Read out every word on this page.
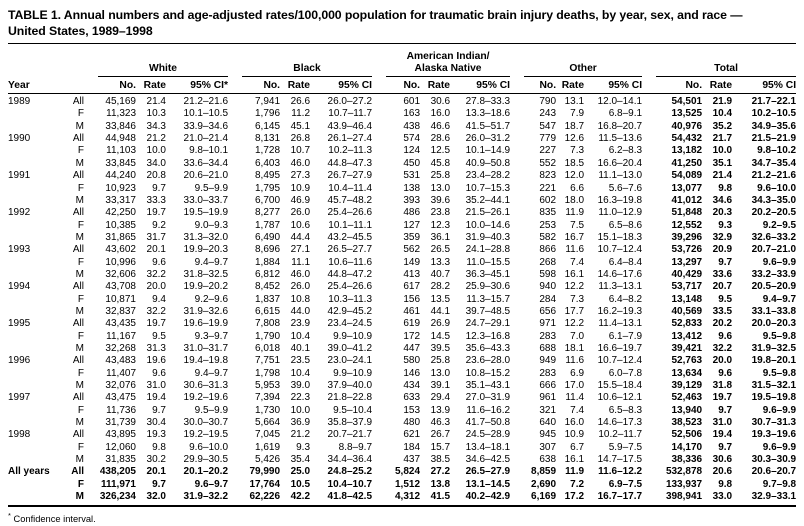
TABLE 1. Annual numbers and age-adjusted rates/100,000 population for traumatic brain injury deaths, by year, sex, and race —
United States, 1989–1998

		White			Black			American Indian/
Alaska Native			Other			Total		

Year		No.	Rate	95% CI*	No.	Rate	95% CI	No.	Rate	95% CI	No.	Rate	95% CI	No.	Rate	95% CI
1989	All	45,169	21.4	21.2–21.6	7,941	26.6	26.0–27.2	601	30.6	27.8–33.3	790	13.1	12.0–14.1	54,501	21.9	21.7–22.1
	F	11,323	10.3	10.1–10.5	1,796	11.2	10.7–11.7	163	16.0	13.3–18.6	243	7.9	6.8–9.1	13,525	10.4	10.2–10.5
	M	33,846	34.3	33.9–34.6	6,145	45.1	43.9–46.4	438	46.6	41.5–51.7	547	18.7	16.8–20.7	40,976	35.2	34.9–35.6
1990	All	44,948	21.2	21.0–21.4	8,131	26.8	26.1–27.4	574	28.6	26.0–31.2	779	12.6	11.5–13.6	54,432	21.7	21.5–21.9
	F	11,103	10.0	9.8–10.1	1,728	10.7	10.2–11.3	124	12.5	10.1–14.9	227	7.3	6.2–8.3	13,182	10.0	9.8–10.2
	M	33,845	34.0	33.6–34.4	6,403	46.0	44.8–47.3	450	45.8	40.9–50.8	552	18.5	16.6–20.4	41,250	35.1	34.7–35.4
1991	All	44,240	20.8	20.6–21.0	8,495	27.3	26.7–27.9	531	25.8	23.4–28.2	823	12.0	11.1–13.0	54,089	21.4	21.2–21.6
	F	10,923	9.7	9.5–9.9	1,795	10.9	10.4–11.4	138	13.0	10.7–15.3	221	6.6	5.6–7.6	13,077	9.8	9.6–10.0
	M	33,317	33.3	33.0–33.7	6,700	46.9	45.7–48.2	393	39.6	35.2–44.1	602	18.0	16.3–19.8	41,012	34.6	34.3–35.0
1992	All	42,250	19.7	19.5–19.9	8,277	26.0	25.4–26.6	486	23.8	21.5–26.1	835	11.9	11.0–12.9	51,848	20.3	20.2–20.5
	F	10,385	9.2	9.0–9.3	1,787	10.6	10.1–11.1	127	12.3	10.0–14.6	253	7.5	6.5–8.6	12,552	9.3	9.2–9.5
	M	31,865	31.7	31.3–32.0	6,490	44.4	43.2–45.5	359	36.1	31.9–40.3	582	16.7	15.1–18.3	39,296	32.9	32.6–33.2
1993	All	43,602	20.1	19.9–20.3	8,696	27.1	26.5–27.7	562	26.5	24.1–28.8	866	11.6	10.7–12.4	53,726	20.9	20.7–21.0
	F	10,996	9.6	9.4–9.7	1,884	11.1	10.6–11.6	149	13.3	11.0–15.5	268	7.4	6.4–8.4	13,297	9.7	9.6–9.9
	M	32,606	32.2	31.8–32.5	6,812	46.0	44.8–47.2	413	40.7	36.3–45.1	598	16.1	14.6–17.6	40,429	33.6	33.2–33.9
1994	All	43,708	20.0	19.9–20.2	8,452	26.0	25.4–26.6	617	28.2	25.9–30.6	940	12.2	11.3–13.1	53,717	20.7	20.5–20.9
	F	10,871	9.4	9.2–9.6	1,837	10.8	10.3–11.3	156	13.5	11.3–15.7	284	7.3	6.4–8.2	13,148	9.5	9.4–9.7
	M	32,837	32.2	31.9–32.6	6,615	44.0	42.9–45.2	461	44.1	39.7–48.5	656	17.7	16.2–19.3	40,569	33.5	33.1–33.8
1995	All	43,435	19.7	19.6–19.9	7,808	23.9	23.4–24.5	619	26.9	24.7–29.1	971	12.2	11.4–13.1	52,833	20.2	20.0–20.3
	F	11,167	9.5	9.3–9.7	1,790	10.4	9.9–10.9	172	14.5	12.3–16.8	283	7.0	6.1–7.9	13,412	9.6	9.5–9.8
	M	32,268	31.3	31.0–31.7	6,018	40.1	39.0–41.2	447	39.5	35.6–43.3	688	18.1	16.6–19.7	39,421	32.2	31.9–32.5
1996	All	43,483	19.6	19.4–19.8	7,751	23.5	23.0–24.1	580	25.8	23.6–28.0	949	11.6	10.7–12.4	52,763	20.0	19.8–20.1
	F	11,407	9.6	9.4–9.7	1,798	10.4	9.9–10.9	146	13.0	10.8–15.2	283	6.9	6.0–7.8	13,634	9.6	9.5–9.8
	M	32,076	31.0	30.6–31.3	5,953	39.0	37.9–40.0	434	39.1	35.1–43.1	666	17.0	15.5–18.4	39,129	31.8	31.5–32.1
1997	All	43,475	19.4	19.2–19.6	7,394	22.3	21.8–22.8	633	29.4	27.0–31.9	961	11.4	10.6–12.1	52,463	19.7	19.5–19.8
	F	11,736	9.7	9.5–9.9	1,730	10.0	9.5–10.4	153	13.9	11.6–16.2	321	7.4	6.5–8.3	13,940	9.7	9.6–9.9
	M	31,739	30.4	30.0–30.7	5,664	36.9	35.8–37.9	480	46.3	41.7–50.8	640	16.0	14.6–17.3	38,523	31.0	30.7–31.3
1998	All	43,895	19.3	19.2–19.5	7,045	21.2	20.7–21.7	621	26.7	24.5–28.9	945	10.9	10.2–11.7	52,506	19.4	19.3–19.6
	F	12,060	9.8	9.6–10.0	1,619	9.3	8.8–9.7	184	15.7	13.4–18.1	307	6.7	5.9–7.5	14,170	9.7	9.6–9.9
	M	31,835	30.2	29.9–30.5	5,426	35.4	34.4–36.4	437	38.5	34.6–42.5	638	16.1	14.7–17.5	38,336	30.6	30.3–30.9
All years	All	438,205	20.1	20.1–20.2	79,990	25.0	24.8–25.2	5,824	27.2	26.5–27.9	8,859	11.9	11.6–12.2	532,878	20.6	20.6–20.7
	F	111,971	9.7	9.6–9.7	17,764	10.5	10.4–10.7	1,512	13.8	13.1–14.5	2,690	7.2	6.9–7.5	133,937	9.8	9.7–9.8
	M	326,234	32.0	31.9–32.2	62,226	42.2	41.8–42.5	4,312	41.5	40.2–42.9	6,169	17.2	16.7–17.7	398,941	33.0	32.9–33.1
* Confidence interval.
